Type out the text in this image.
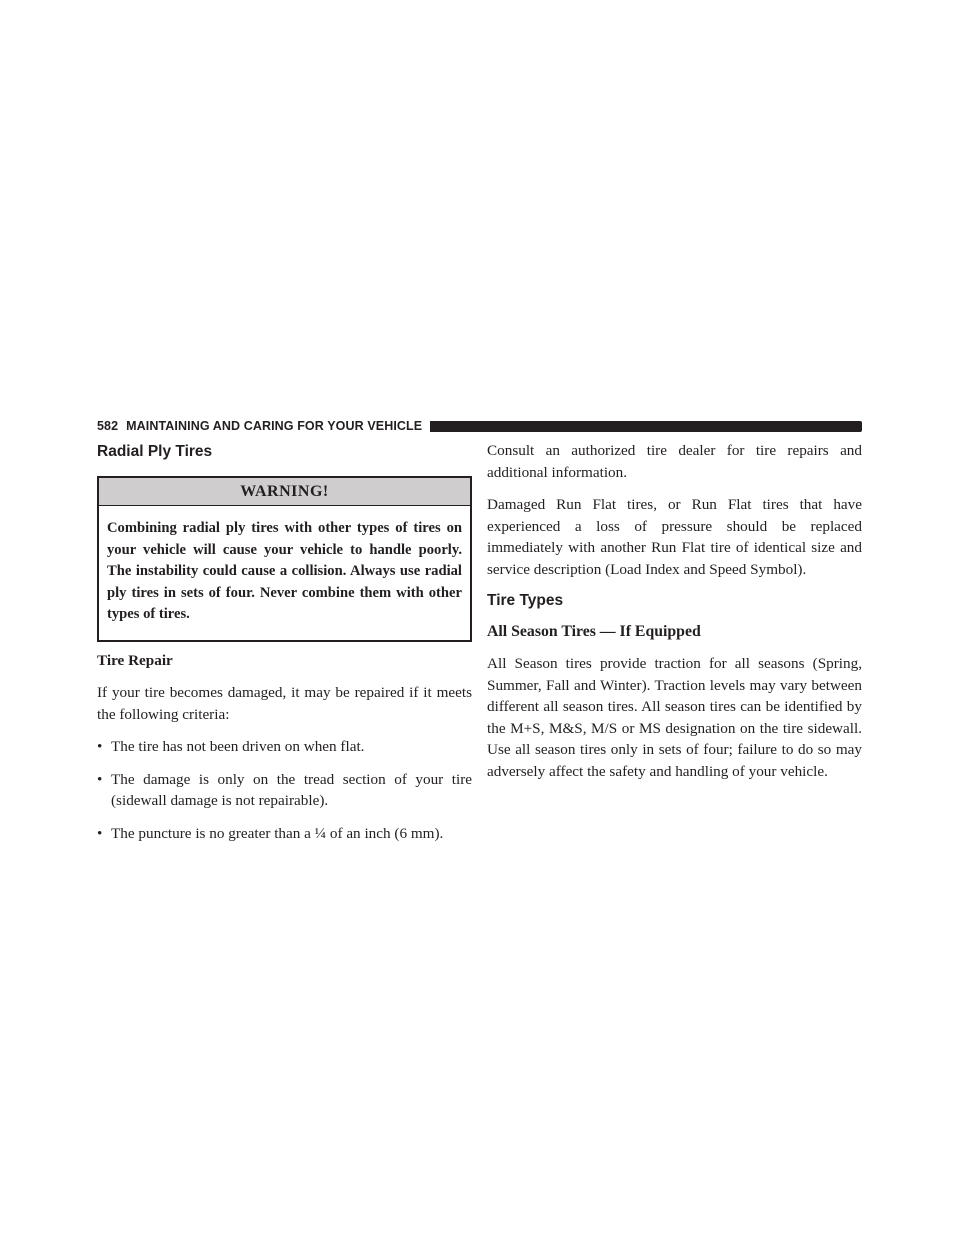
582 MAINTAINING AND CARING FOR YOUR VEHICLE
Radial Ply Tires
WARNING!
Combining radial ply tires with other types of tires on your vehicle will cause your vehicle to handle poorly. The instability could cause a collision. Always use radial ply tires in sets of four. Never combine them with other types of tires.

Tire Repair

If your tire becomes damaged, it may be repaired if it meets the following criteria:

• The tire has not been driven on when flat.
• The damage is only on the tread section of your tire (sidewall damage is not repairable).
• The puncture is no greater than a ¼ of an inch (6 mm).

Consult an authorized tire dealer for tire repairs and additional information.

Damaged Run Flat tires, or Run Flat tires that have experienced a loss of pressure should be replaced immediately with another Run Flat tire of identical size and service description (Load Index and Speed Symbol).

Tire Types

All Season Tires — If Equipped

All Season tires provide traction for all seasons (Spring, Summer, Fall and Winter). Traction levels may vary between different all season tires. All season tires can be identified by the M+S, M&S, M/S or MS designation on the tire sidewall. Use all season tires only in sets of four; failure to do so may adversely affect the safety and handling of your vehicle.
